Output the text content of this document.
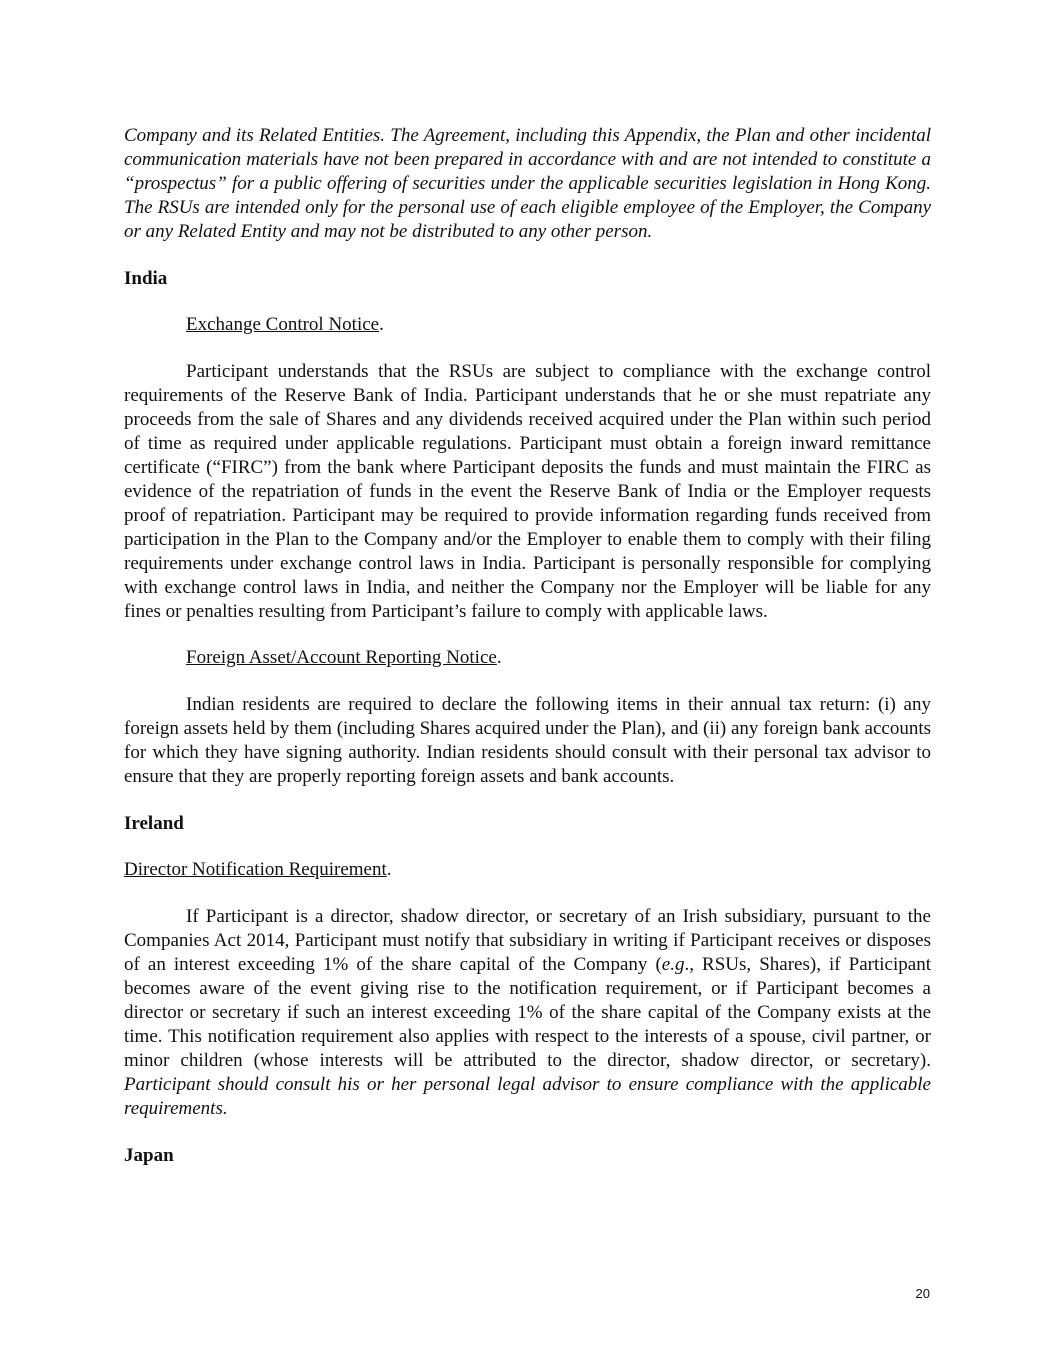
Company and its Related Entities. The Agreement, including this Appendix, the Plan and other incidental communication materials have not been prepared in accordance with and are not intended to constitute a “prospectus” for a public offering of securities under the applicable securities legislation in Hong Kong. The RSUs are intended only for the personal use of each eligible employee of the Employer, the Company or any Related Entity and may not be distributed to any other person.

India

Exchange Control Notice.

Participant understands that the RSUs are subject to compliance with the exchange control requirements of the Reserve Bank of India. Participant understands that he or she must repatriate any proceeds from the sale of Shares and any dividends received acquired under the Plan within such period of time as required under applicable regulations. Participant must obtain a foreign inward remittance certificate (“FIRC”) from the bank where Participant deposits the funds and must maintain the FIRC as evidence of the repatriation of funds in the event the Reserve Bank of India or the Employer requests proof of repatriation. Participant may be required to provide information regarding funds received from participation in the Plan to the Company and/or the Employer to enable them to comply with their filing requirements under exchange control laws in India. Participant is personally responsible for complying with exchange control laws in India, and neither the Company nor the Employer will be liable for any fines or penalties resulting from Participant’s failure to comply with applicable laws.

Foreign Asset/Account Reporting Notice.

Indian residents are required to declare the following items in their annual tax return: (i) any foreign assets held by them (including Shares acquired under the Plan), and (ii) any foreign bank accounts for which they have signing authority. Indian residents should consult with their personal tax advisor to ensure that they are properly reporting foreign assets and bank accounts.

Ireland

Director Notification Requirement.

If Participant is a director, shadow director, or secretary of an Irish subsidiary, pursuant to the Companies Act 2014, Participant must notify that subsidiary in writing if Participant receives or disposes of an interest exceeding 1% of the share capital of the Company (e.g., RSUs, Shares), if Participant becomes aware of the event giving rise to the notification requirement, or if Participant becomes a director or secretary if such an interest exceeding 1% of the share capital of the Company exists at the time. This notification requirement also applies with respect to the interests of a spouse, civil partner, or minor children (whose interests will be attributed to the director, shadow director, or secretary). Participant should consult his or her personal legal advisor to ensure compliance with the applicable requirements.

Japan

20
